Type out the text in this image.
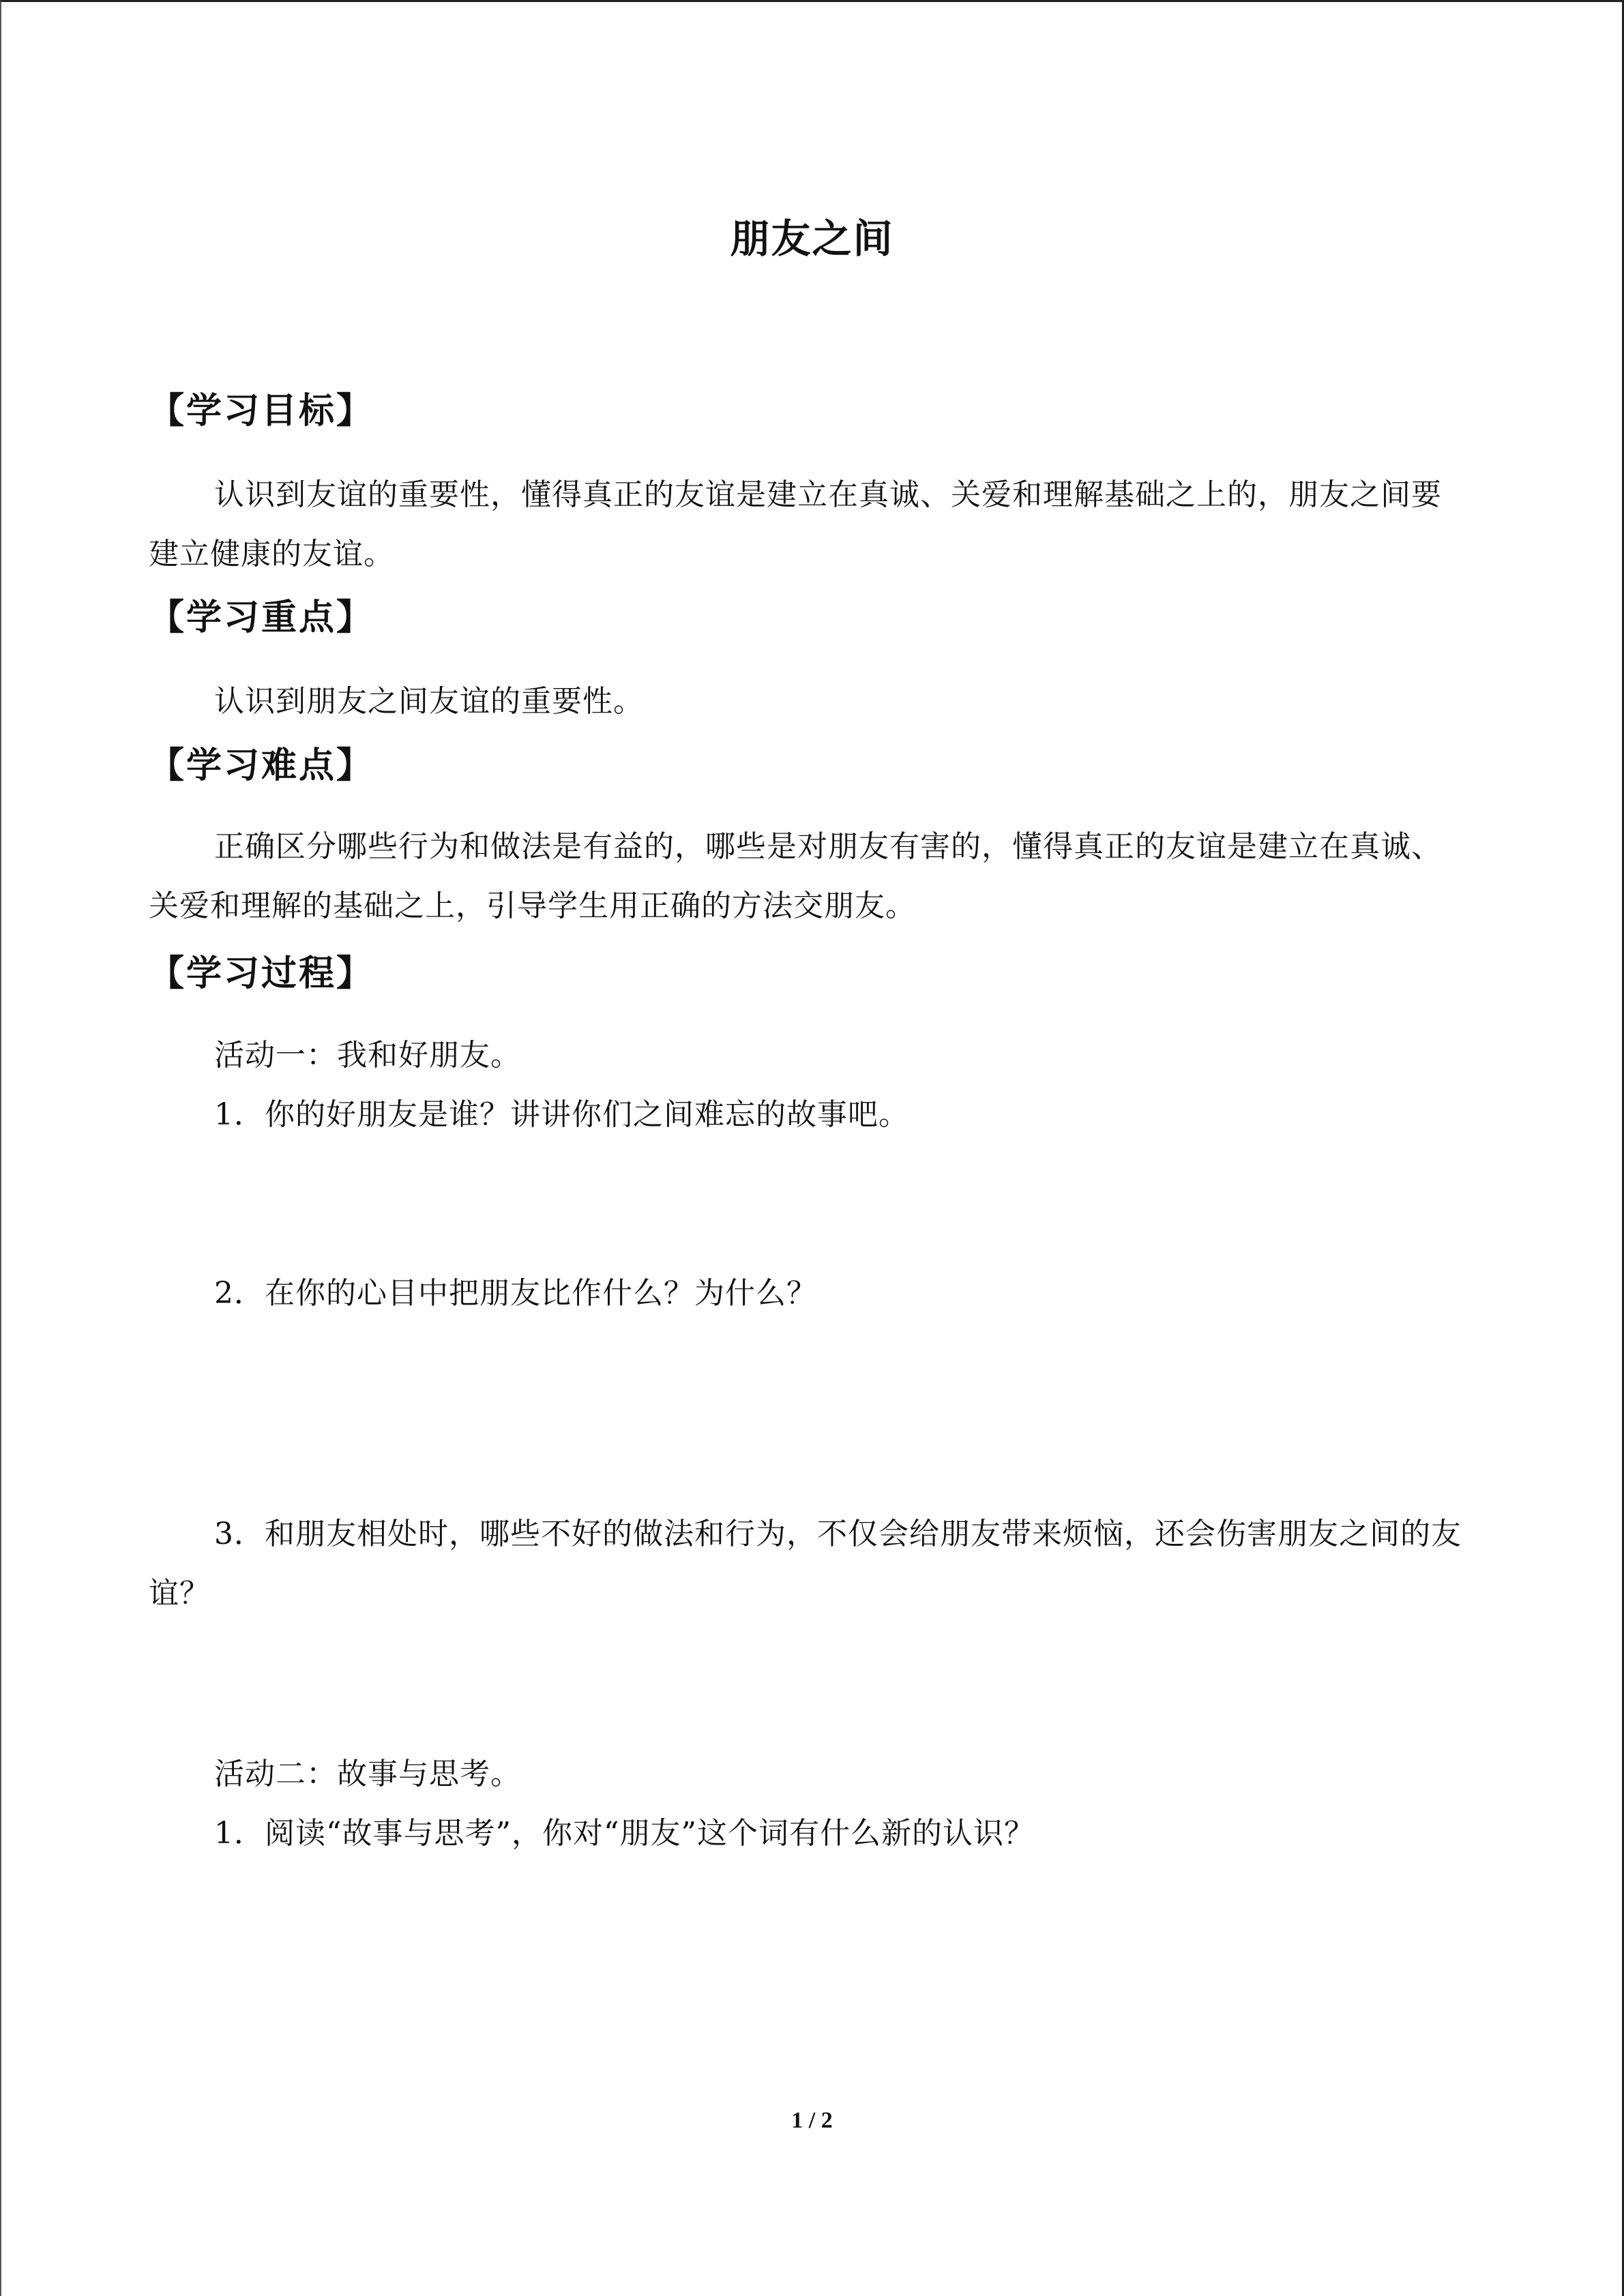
朋友之间
【学习目标】

认识到友谊的重要性，懂得真正的友谊是建立在真诚、关爱和理解基础之上的，朋友之间要建立健康的友谊。

【学习重点】

认识到朋友之间友谊的重要性。

【学习难点】

正确区分哪些行为和做法是有益的，哪些是对朋友有害的，懂得真正的友谊是建立在真诚、关爱和理解的基础之上，引导学生用正确的方法交朋友。

【学习过程】
活动一：我和好朋友。
1．你的好朋友是谁？讲讲你们之间难忘的故事吧。
2．在你的心目中把朋友比作什么？为什么？

3．和朋友相处时，哪些不好的做法和行为，不仅会给朋友带来烦恼，还会伤害朋友之间的友谊？

活动二：故事与思考。
1．阅读“故事与思考”，你对“朋友”这个词有什么新的认识？
1 / 2
